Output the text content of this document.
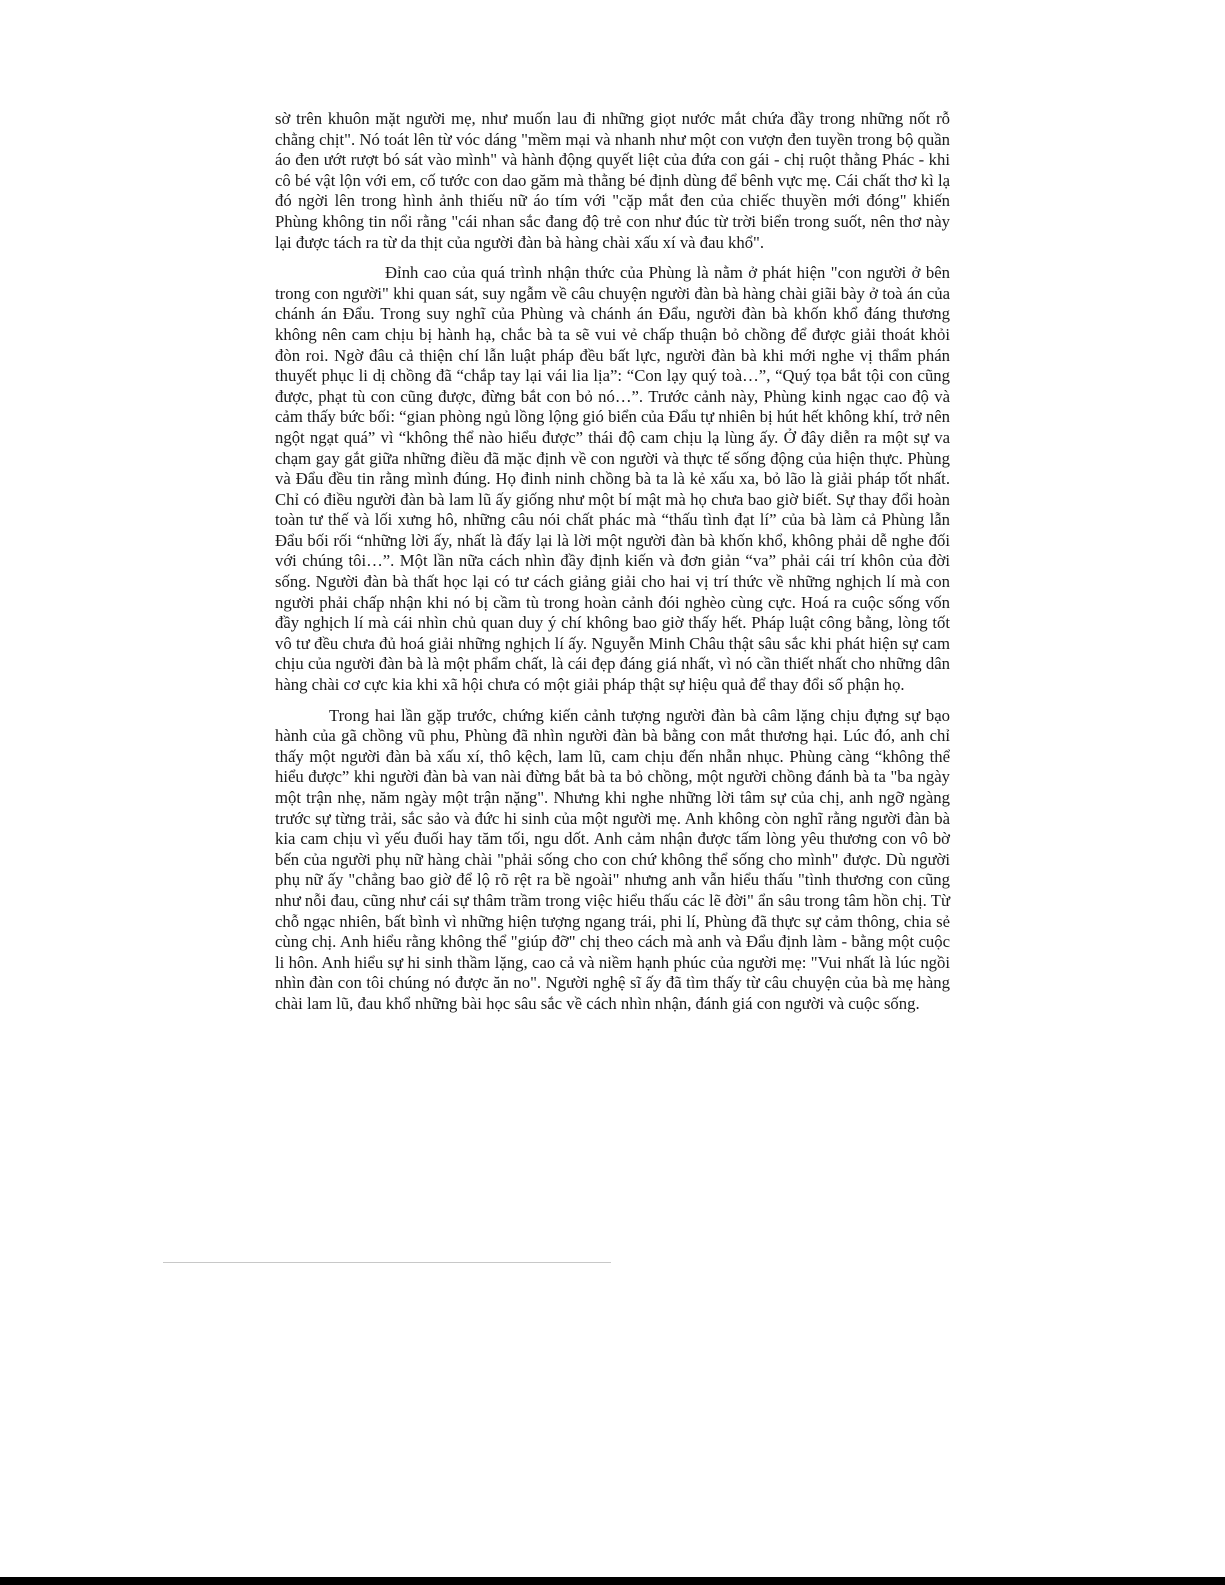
sờ trên khuôn mặt người mẹ, như muốn lau đi những giọt nước mắt chứa đầy trong những nốt rỗ chằng chịt". Nó toát lên từ vóc dáng "mềm mại và nhanh như một con vượn đen tuyền trong bộ quần áo đen ướt rượt bó sát vào mình" và hành động quyết liệt của đứa con gái - chị ruột thằng Phác - khi cô bé vật lộn với em, cố tước con dao găm mà thằng bé định dùng để bênh vực mẹ. Cái chất thơ kì lạ đó ngời lên trong hình ảnh thiếu nữ áo tím với "cặp mắt đen của chiếc thuyền mới đóng" khiến Phùng không tin nổi rằng "cái nhan sắc đang độ trẻ con như đúc từ trời biển trong suốt, nên thơ này lại được tách ra từ da thịt của người đàn bà hàng chài xấu xí và đau khổ".

Đỉnh cao của quá trình nhận thức của Phùng là nằm ở phát hiện "con người ở bên trong con người" khi quan sát, suy ngẫm về câu chuyện người đàn bà hàng chài giãi bày ở toà án của chánh án Đẩu. Trong suy nghĩ của Phùng và chánh án Đẩu, người đàn bà khốn khổ đáng thương không nên cam chịu bị hành hạ, chắc bà ta sẽ vui vẻ chấp thuận bỏ chồng để được giải thoát khỏi đòn roi. Ngờ đâu cả thiện chí lẫn luật pháp đều bất lực, người đàn bà khi mới nghe vị thẩm phán thuyết phục li dị chồng đã “chắp tay lại vái lia lịa”: “Con lạy quý toà…”, “Quý tọa bắt tội con cũng được, phạt tù con cũng được, đừng bắt con bỏ nó…”. Trước cảnh này, Phùng kinh ngạc cao độ và cảm thấy bức bối: “gian phòng ngủ lồng lộng gió biển của Đẩu tự nhiên bị hút hết không khí, trở nên ngột ngạt quá” vì “không thể nào hiểu được” thái độ cam chịu lạ lùng ấy. Ở đây diễn ra một sự va chạm gay gắt giữa những điều đã mặc định về con người và thực tế sống động của hiện thực. Phùng và Đẩu đều tin rằng mình đúng. Họ đinh ninh chồng bà ta là kẻ xấu xa, bỏ lão là giải pháp tốt nhất. Chỉ có điều người đàn bà lam lũ ấy giống như một bí mật mà họ chưa bao giờ biết. Sự thay đổi hoàn toàn tư thế và lối xưng hô, những câu nói chất phác mà “thấu tình đạt lí” của bà làm cả Phùng lẫn Đẩu bối rối “những lời ấy, nhất là đấy lại là lời một người đàn bà khốn khổ, không phải dễ nghe đối với chúng tôi…”. Một lần nữa cách nhìn đầy định kiến và đơn giản “va” phải cái trí khôn của đời sống. Người đàn bà thất học lại có tư cách giảng giải cho hai vị trí thức về những nghịch lí mà con người phải chấp nhận khi nó bị cầm tù trong hoàn cảnh đói nghèo cùng cực. Hoá ra cuộc sống vốn đầy nghịch lí mà cái nhìn chủ quan duy ý chí không bao giờ thấy hết. Pháp luật công bằng, lòng tốt vô tư đều chưa đủ hoá giải những nghịch lí ấy. Nguyễn Minh Châu thật sâu sắc khi phát hiện sự cam chịu của người đàn bà là một phẩm chất, là cái đẹp đáng giá nhất, vì nó cần thiết nhất cho những dân hàng chài cơ cực kia khi xã hội chưa có một giải pháp thật sự hiệu quả để thay đổi số phận họ.

Trong hai lần gặp trước, chứng kiến cảnh tượng người đàn bà câm lặng chịu đựng sự bạo hành của gã chồng vũ phu, Phùng đã nhìn người đàn bà bằng con mắt thương hại. Lúc đó, anh chỉ thấy một người đàn bà xấu xí, thô kệch, lam lũ, cam chịu đến nhẫn nhục. Phùng càng “không thể hiểu được” khi người đàn bà van nài đừng bắt bà ta bỏ chồng, một người chồng đánh bà ta "ba ngày một trận nhẹ, năm ngày một trận nặng". Nhưng khi nghe những lời tâm sự của chị, anh ngỡ ngàng trước sự từng trải, sắc sảo và đức hi sinh của một người mẹ. Anh không còn nghĩ rằng người đàn bà kia cam chịu vì yếu đuối hay tăm tối, ngu dốt. Anh cảm nhận được tấm lòng yêu thương con vô bờ bến của người phụ nữ hàng chài "phải sống cho con chứ không thể sống cho mình" được. Dù người phụ nữ ấy "chẳng bao giờ để lộ rõ rệt ra bề ngoài" nhưng anh vẫn hiểu thấu "tình thương con cũng như nỗi đau, cũng như cái sự thâm trầm trong việc hiểu thấu các lẽ đời" ẩn sâu trong tâm hồn chị. Từ chỗ ngạc nhiên, bất bình vì những hiện tượng ngang trái, phi lí, Phùng đã thực sự cảm thông, chia sẻ cùng chị. Anh hiểu rằng không thể "giúp đỡ" chị theo cách mà anh và Đẩu định làm - bằng một cuộc li hôn. Anh hiểu sự hi sinh thầm lặng, cao cả và niềm hạnh phúc của người mẹ: "Vui nhất là lúc ngồi nhìn đàn con tôi chúng nó được ăn no". Người nghệ sĩ ấy đã tìm thấy từ câu chuyện của bà mẹ hàng chài lam lũ, đau khổ những bài học sâu sắc về cách nhìn nhận, đánh giá con người và cuộc sống.
